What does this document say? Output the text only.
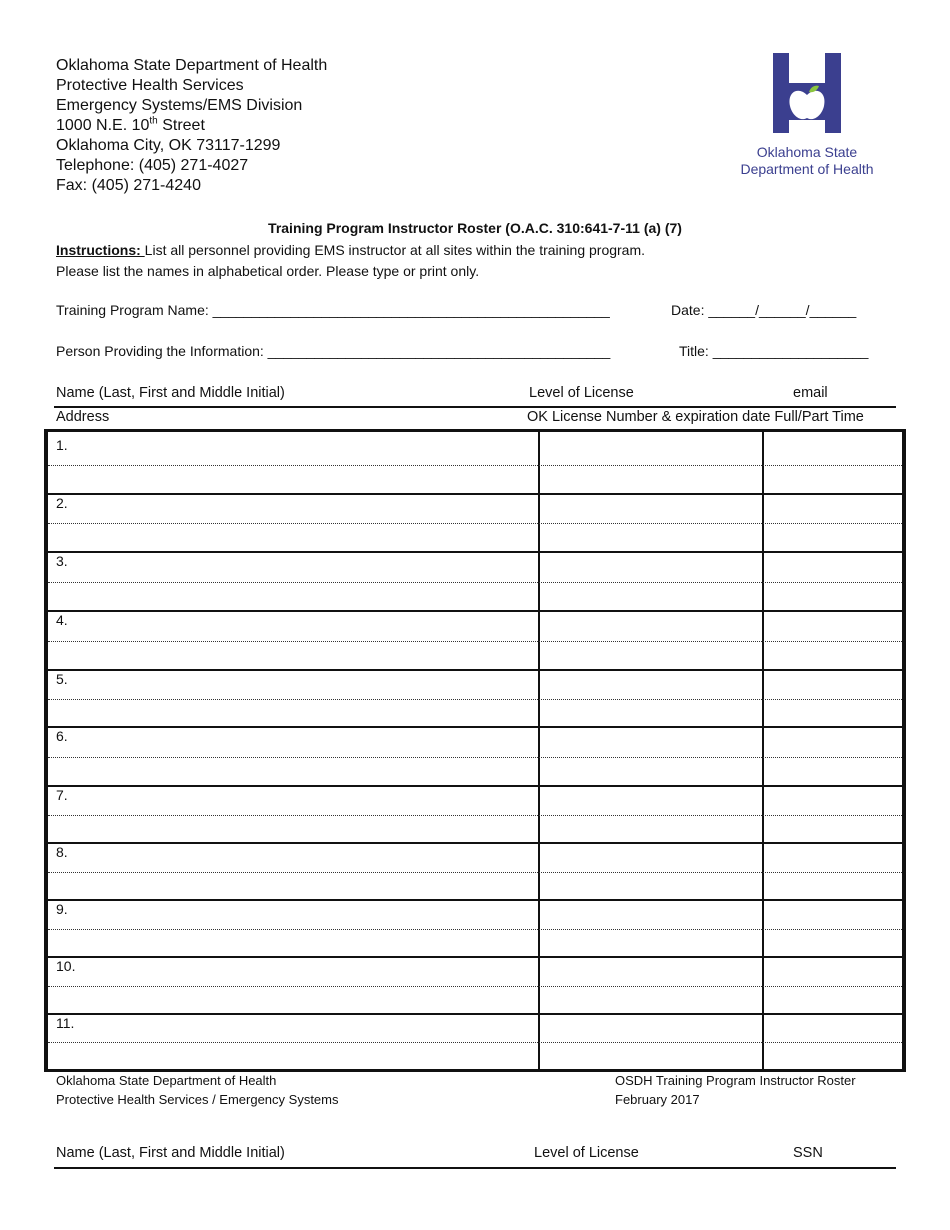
Oklahoma State Department of Health
Protective Health Services
Emergency Systems/EMS Division
1000 N.E. 10th Street
Oklahoma City, OK 73117-1299
Telephone: (405) 271-4027
Fax: (405) 271-4240
Oklahoma State
Department of Health
Training Program Instructor Roster (O.A.C. 310:641-7-11 (a) (7)
Instructions: List all personnel providing EMS instructor at all sites within the training program.
Please list the names in alphabetical order. Please type or print only.
Training Program Name: ___________________________________________________	Date: ______/______/______
Person Providing the Information: ____________________________________________	Title: ____________________
Name (Last, First and Middle Initial)	Level of License	email
Address	OK License Number & expiration date Full/Part Time
1.
2.
3.
4.
5.
6.
7.
8.
9.
10.
11.
Oklahoma State Department of Health
Protective Health Services / Emergency Systems
OSDH Training Program Instructor Roster
February 2017
Name (Last, First and Middle Initial)	Level of License	SSN
